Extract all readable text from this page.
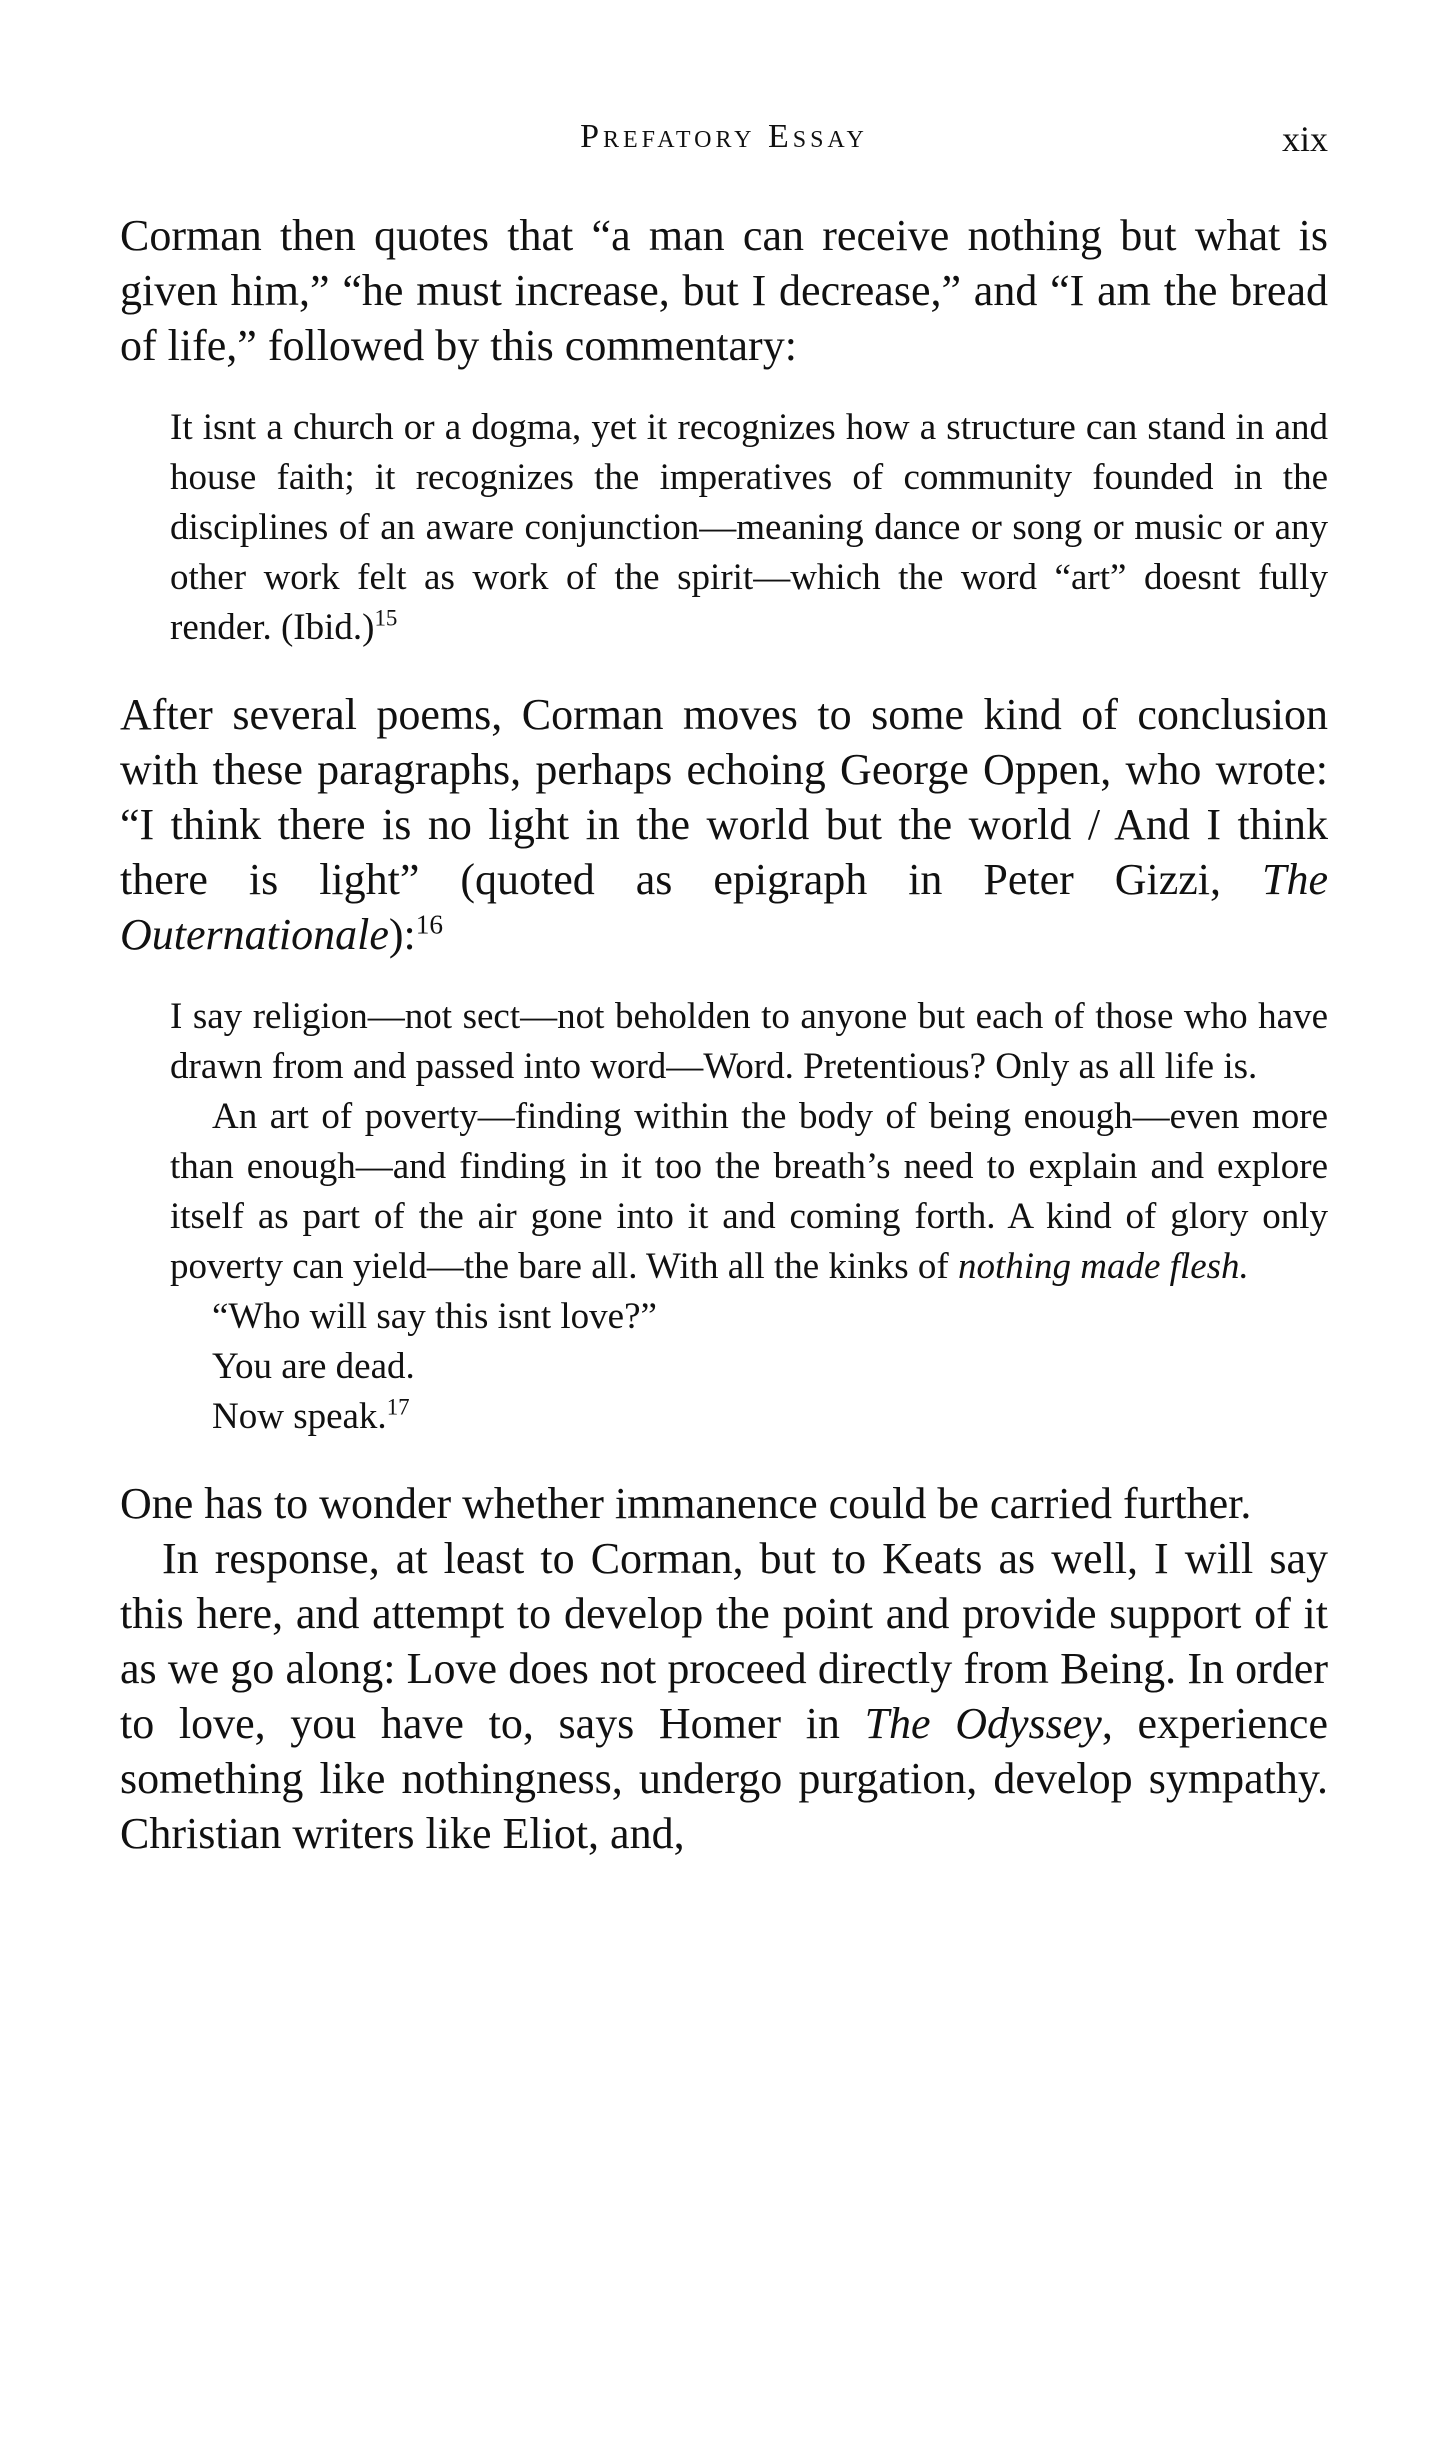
Prefatory Essay	xix

Corman then quotes that “a man can receive nothing but what is given him,” “he must increase, but I decrease,” and “I am the bread of life,” followed by this commentary:

It isnt a church or a dogma, yet it recognizes how a structure can stand in and house faith; it recognizes the imperatives of community founded in the disciplines of an aware conjunction—meaning dance or song or music or any other work felt as work of the spirit—which the word “art” doesnt fully render. (Ibid.)$^{15}$

After several poems, Corman moves to some kind of conclusion with these paragraphs, perhaps echoing George Oppen, who wrote: “I think there is no light in the world but the world / And I think there is light” (quoted as epigraph in Peter Gizzi, The Outernationale):$^{16}$

I say religion—not sect—not beholden to anyone but each of those who have drawn from and passed into word—Word. Pretentious? Only as all life is.

An art of poverty—finding within the body of being enough—even more than enough—and finding in it too the breath’s need to explain and explore itself as part of the air gone into it and coming forth. A kind of glory only poverty can yield—the bare all. With all the kinks of nothing made flesh.

“Who will say this isnt love?”

You are dead.

Now speak.$^{17}$

One has to wonder whether immanence could be carried further.

In response, at least to Corman, but to Keats as well, I will say this here, and attempt to develop the point and provide support of it as we go along: Love does not proceed directly from Being. In order to love, you have to, says Homer in The Odyssey, experience something like nothingness, undergo purgation, develop sympathy. Christian writers like Eliot, and,
